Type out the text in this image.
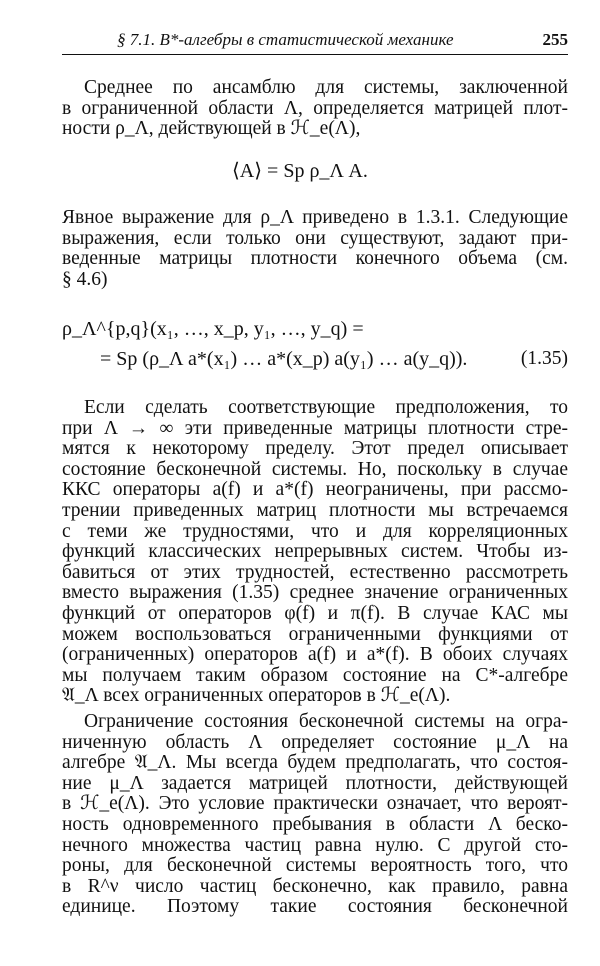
§ 7.1. B*-алгебры в статистической механике	255
Среднее по ансамблю для системы, заключенной
в ограниченной области Λ, определяется матрицей плот-
ности ρ_Λ, действующей в ℋ_e(Λ),
⟨A⟩ = Sp ρ_Λ A.
Явное выражение для ρ_Λ приведено в 1.3.1. Следующие
выражения, если только они существуют, задают при-
веденные матрицы плотности конечного объема (см.
§ 4.6)
ρ_Λ^{p,q}(x₁, …, x_p, y₁, …, y_q) =
= Sp (ρ_Λ a*(x₁) … a*(x_p) a(y₁) … a(y_q)).	(1.35)
Если сделать соответствующие предположения, то
при Λ → ∞ эти приведенные матрицы плотности стре-
мятся к некоторому пределу. Этот предел описывает
состояние бесконечной системы. Но, поскольку в случае
ККС операторы a(f) и a*(f) неограничены, при рассмо-
трении приведенных матриц плотности мы встречаемся
с теми же трудностями, что и для корреляционных
функций классических непрерывных систем. Чтобы из-
бавиться от этих трудностей, естественно рассмотреть
вместо выражения (1.35) среднее значение ограниченных
функций от операторов φ(f) и π(f). В случае КАС мы
можем воспользоваться ограниченными функциями от
(ограниченных) операторов a(f) и a*(f). В обоих случаях
мы получаем таким образом состояние на C*-алгебре
𝔄_Λ всех ограниченных операторов в ℋ_e(Λ).
Ограничение состояния бесконечной системы на огра-
ниченную область Λ определяет состояние μ_Λ на
алгебре 𝔄_Λ. Мы всегда будем предполагать, что состоя-
ние μ_Λ задается матрицей плотности, действующей
в ℋ_e(Λ). Это условие практически означает, что вероят-
ность одновременного пребывания в области Λ беско-
нечного множества частиц равна нулю. С другой сто-
роны, для бесконечной системы вероятность того, что
в R^ν число частиц бесконечно, как правило, равна
единице. Поэтому такие состояния бесконечной
